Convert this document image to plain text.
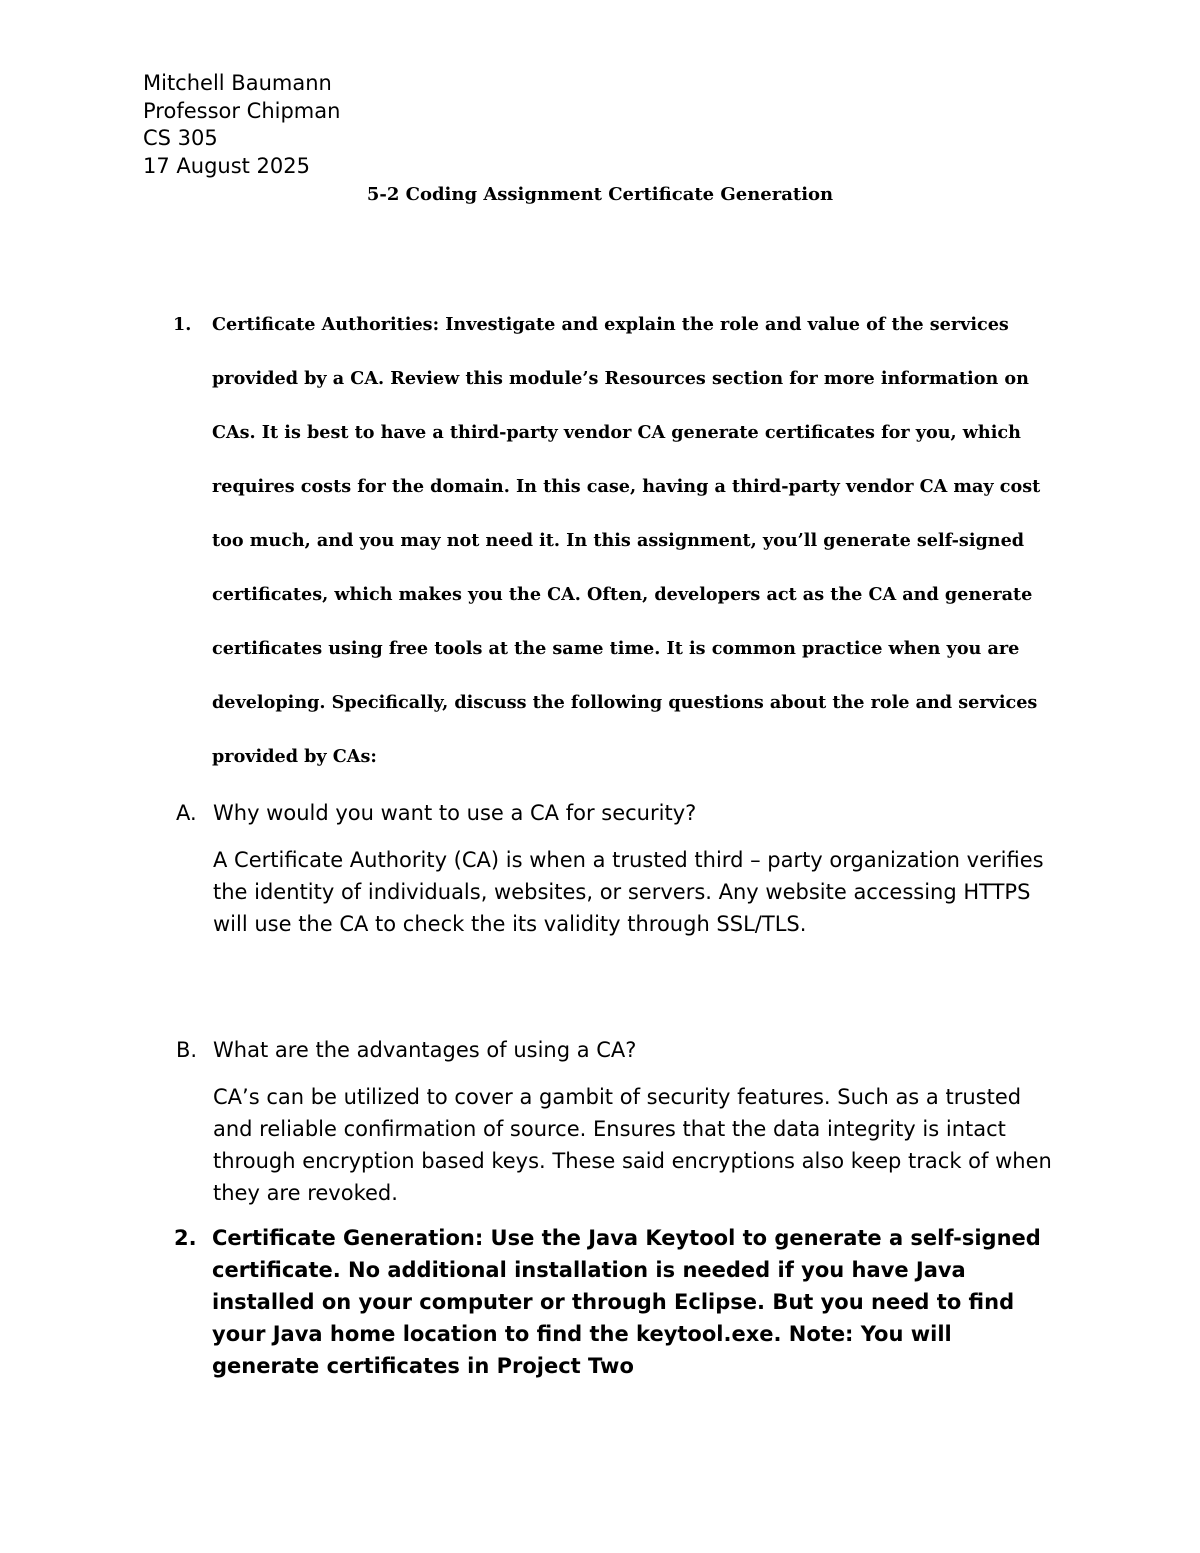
Mitchell Baumann
Professor Chipman
CS 305
17 August 2025
5-2 Coding Assignment Certificate Generation
1. Certificate Authorities: Investigate and explain the role and value of the services provided by a CA. Review this module’s Resources section for more information on CAs. It is best to have a third-party vendor CA generate certificates for you, which requires costs for the domain. In this case, having a third-party vendor CA may cost too much, and you may not need it. In this assignment, you’ll generate self-signed certificates, which makes you the CA. Often, developers act as the CA and generate certificates using free tools at the same time. It is common practice when you are developing. Specifically, discuss the following questions about the role and services provided by CAs:
A. Why would you want to use a CA for security?
A Certificate Authority (CA) is when a trusted third – party organization verifies the identity of individuals, websites, or servers. Any website accessing HTTPS will use the CA to check the its validity through SSL/TLS.
B. What are the advantages of using a CA?
CA’s can be utilized to cover a gambit of security features. Such as a trusted and reliable confirmation of source. Ensures that the data integrity is intact through encryption based keys. These said encryptions also keep track of when they are revoked.
2. Certificate Generation: Use the Java Keytool to generate a self-signed certificate. No additional installation is needed if you have Java installed on your computer or through Eclipse. But you need to find your Java home location to find the keytool.exe. Note: You will generate certificates in Project Two
